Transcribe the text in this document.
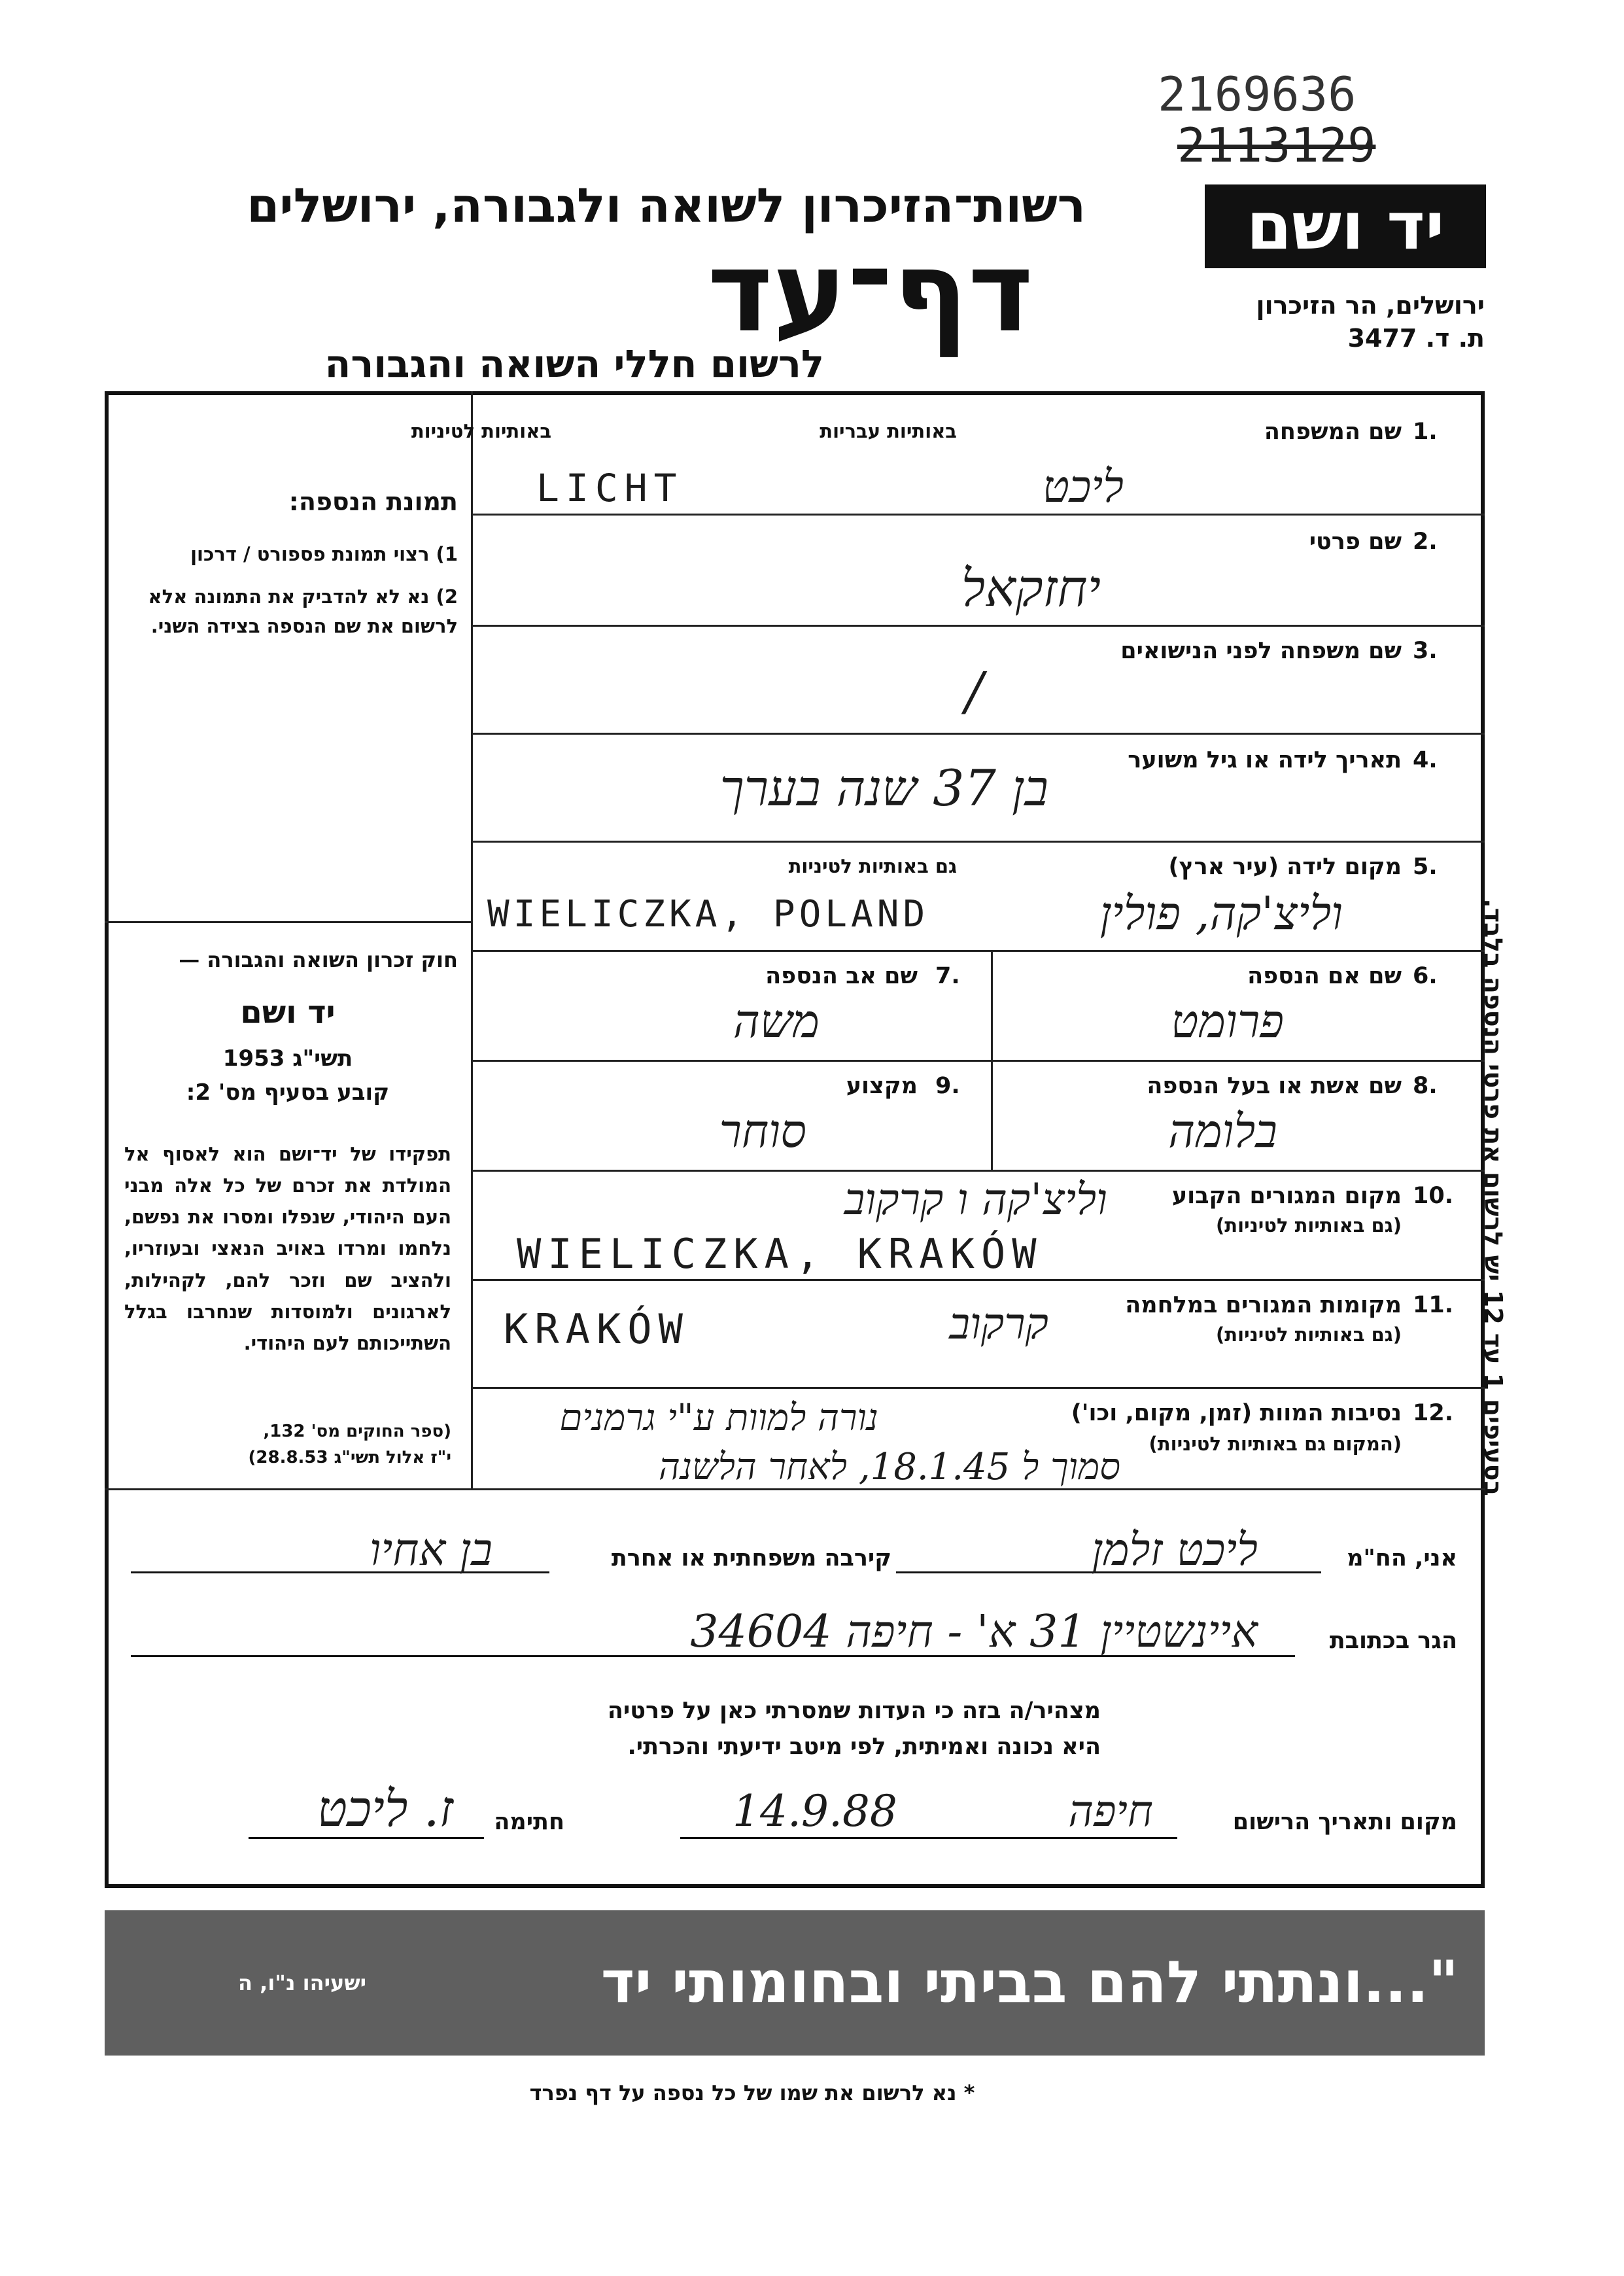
2169636
2113129
יד ושם
ירושלים, הר הזיכרון
ת. ד. 3477
רשות־הזיכרון לשואה ולגבורה, ירושלים
דף־עד
לרשום חללי השואה והגבורה
תמונת הנספה:
1) רצוי תמונת פספורט / דרכון
2) נא לא להדביק את התמונה אלא לרשום את שם הנספה בצידה השני.
חוק זכרון השואה והגבורה —
יד ושם
תשי"ג 1953
קובע בסעיף מס' 2:
תפקידו של יד־ושם הוא לאסוף אל המולדת את זכרם של כל אלה מבני העם היהודי, שנפלו ומסרו את נפשם, נלחמו ומרדו באויב הנאצי ובעוזריו, ולהציב שם וזכר להם, לקהילות, לארגונים ולמוסדות שנחרבו בגלל השתייכותם לעם היהודי.
(ספר החוקים מס' 132,
י"ז אלול תשי"ג 28.8.53)
1.
שם המשפחה
באותיות עבריות
באותיות לטיניות
ליכט
LICHT
2.
שם פרטי
יחזקאל
3.
שם משפחה לפני הנישואים
/
4.
תאריך לידה או גיל משוער
בן 37 שנה בערך
5.
מקום לידה (עיר ארץ)
גם באותיות לטיניות
וליצ'קה, פולין
WIELICZKA, POLAND
6.
שם אם הנספה
פרומט
7.
שם אב הנספה
משה
8.
שם אשת או בעל הנספה
בלומה
9.
מקצוע
סוחר
10.
מקום המגורים הקבוע
(גם באותיות לטיניות)
וליצ'קה ו קרקוב
WIELICZKA, KRAKÓW
11.
מקומות המגורים במלחמה
(גם באותיות לטיניות)
קרקוב
KRAKÓW
12.
נסיבות המוות (זמן, מקום, וכו')
(המקום גם באותיות לטיניות)
נורה למוות ע"י גרמנים
סמוך ל 18.1.45, לאחר הלשנה
אני, הח"מ
ליכט זלמן
קירבה משפחתית או אחרת
בן אחיו
הגר בכתובת
איינשטיין 31 א' - חיפה 34604
מצהיר/ה בזה כי העדות שמסרתי כאן על פרטיה
היא נכונה ואמיתית, לפי מיטב ידיעתי והכרתי.
מקום ותאריך הרישום
חיפה
14.9.88
חתימה
ז. ליכט
"...ונתתי להם בביתי ובחומותי יד ושם...אשר לא יכרת."
ישעיהו נ"ו, ה
* נא לרשום את שמו של כל נספה על דף נפרד
בסעיפים 1 עד 12 יש לרשום את פרטי הנספה בלבד.
